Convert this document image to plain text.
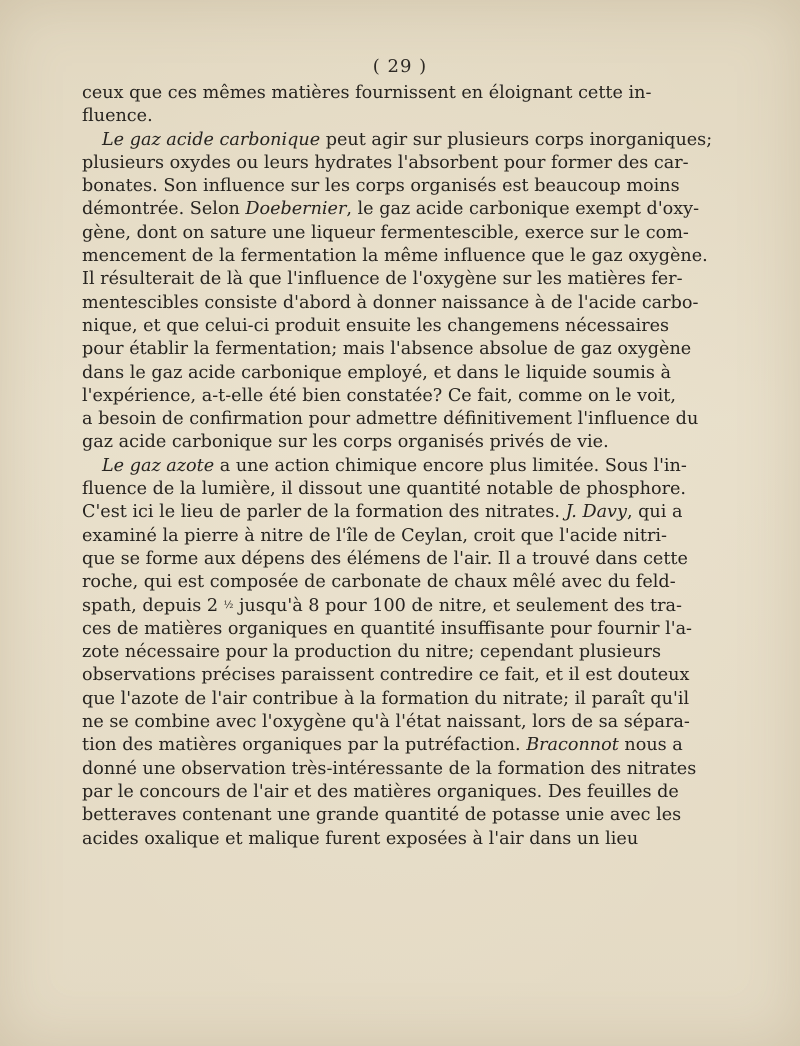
( 29 )
ceux que ces mêmes matières fournissent en éloignant cette in-
fluence.
Le gaz acide carbonique peut agir sur plusieurs corps inorganiques;
plusieurs oxydes ou leurs hydrates l'absorbent pour former des car-
bonates. Son influence sur les corps organisés est beaucoup moins
démontrée. Selon Doebernier, le gaz acide carbonique exempt d'oxy-
gène, dont on sature une liqueur fermentescible, exerce sur le com-
mencement de la fermentation la même influence que le gaz oxygène.
Il résulterait de là que l'influence de l'oxygène sur les matières fer-
mentescibles consiste d'abord à donner naissance à de l'acide carbo-
nique, et que celui-ci produit ensuite les changemens nécessaires
pour établir la fermentation; mais l'absence absolue de gaz oxygène
dans le gaz acide carbonique employé, et dans le liquide soumis à
l'expérience, a-t-elle été bien constatée? Ce fait, comme on le voit,
a besoin de confirmation pour admettre définitivement l'influence du
gaz acide carbonique sur les corps organisés privés de vie.
Le gaz azote a une action chimique encore plus limitée. Sous l'in-
fluence de la lumière, il dissout une quantité notable de phosphore.
C'est ici le lieu de parler de la formation des nitrates. J. Davy, qui a
examiné la pierre à nitre de l'île de Ceylan, croit que l'acide nitri-
que se forme aux dépens des élémens de l'air. Il a trouvé dans cette
roche, qui est composée de carbonate de chaux mêlé avec du feld-
spath, depuis 2 ½ jusqu'à 8 pour 100 de nitre, et seulement des tra-
ces de matières organiques en quantité insuffisante pour fournir l'a-
zote nécessaire pour la production du nitre; cependant plusieurs
observations précises paraissent contredire ce fait, et il est douteux
que l'azote de l'air contribue à la formation du nitrate; il paraît qu'il
ne se combine avec l'oxygène qu'à l'état naissant, lors de sa sépara-
tion des matières organiques par la putréfaction. Braconnot nous a
donné une observation très-intéressante de la formation des nitrates
par le concours de l'air et des matières organiques. Des feuilles de
betteraves contenant une grande quantité de potasse unie avec les
acides oxalique et malique furent exposées à l'air dans un lieu
